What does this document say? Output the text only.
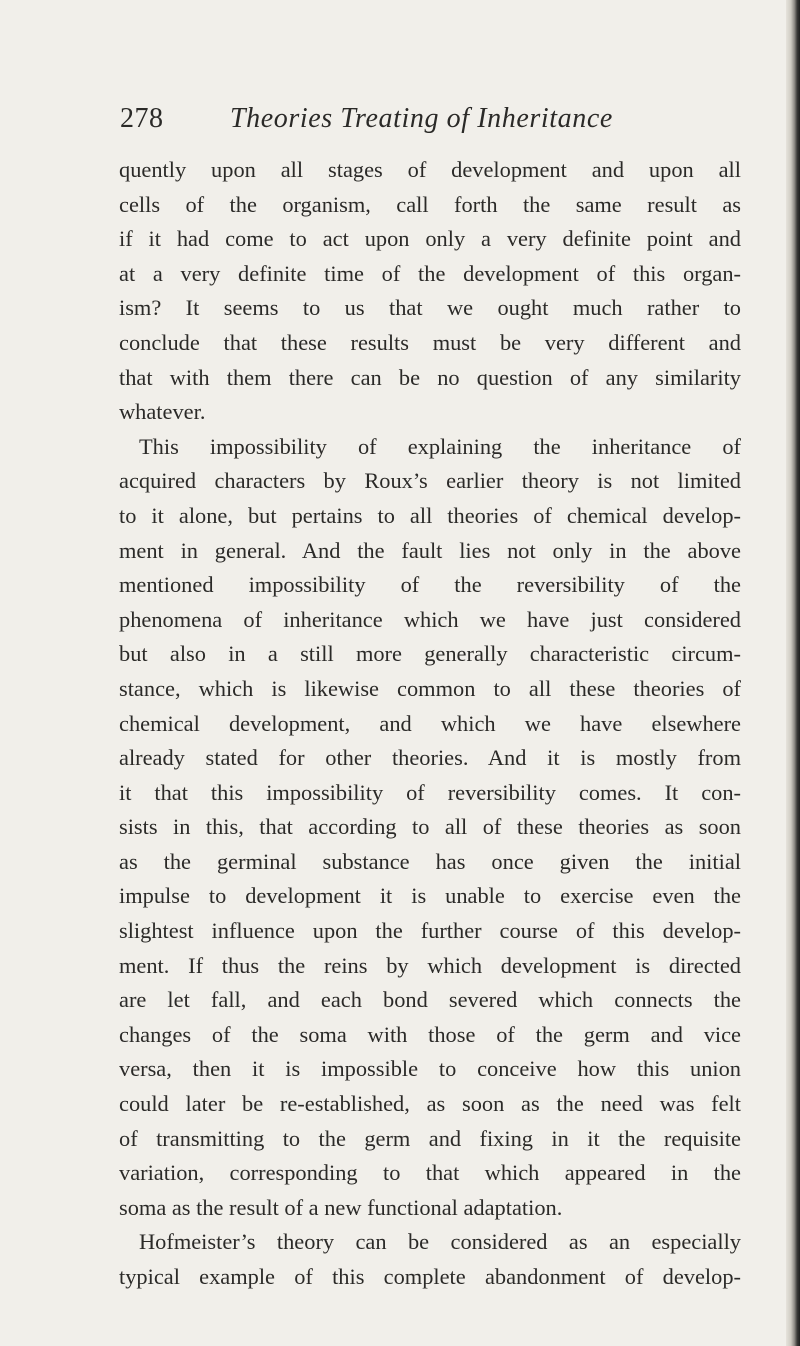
278 Theories Treating of Inheritance
quently upon all stages of development and upon all
cells of the organism, call forth the same result as
if it had come to act upon only a very definite point and
at a very definite time of the development of this organ-
ism? It seems to us that we ought much rather to
conclude that these results must be very different and
that with them there can be no question of any similarity
whatever.
This impossibility of explaining the inheritance of
acquired characters by Roux’s earlier theory is not limited
to it alone, but pertains to all theories of chemical develop-
ment in general. And the fault lies not only in the above
mentioned impossibility of the reversibility of the
phenomena of inheritance which we have just considered
but also in a still more generally characteristic circum-
stance, which is likewise common to all these theories of
chemical development, and which we have elsewhere
already stated for other theories. And it is mostly from
it that this impossibility of reversibility comes. It con-
sists in this, that according to all of these theories as soon
as the germinal substance has once given the initial
impulse to development it is unable to exercise even the
slightest influence upon the further course of this develop-
ment. If thus the reins by which development is directed
are let fall, and each bond severed which connects the
changes of the soma with those of the germ and vice
versa, then it is impossible to conceive how this union
could later be re-established, as soon as the need was felt
of transmitting to the germ and fixing in it the requisite
variation, corresponding to that which appeared in the
soma as the result of a new functional adaptation.
Hofmeister’s theory can be considered as an especially
typical example of this complete abandonment of develop-
